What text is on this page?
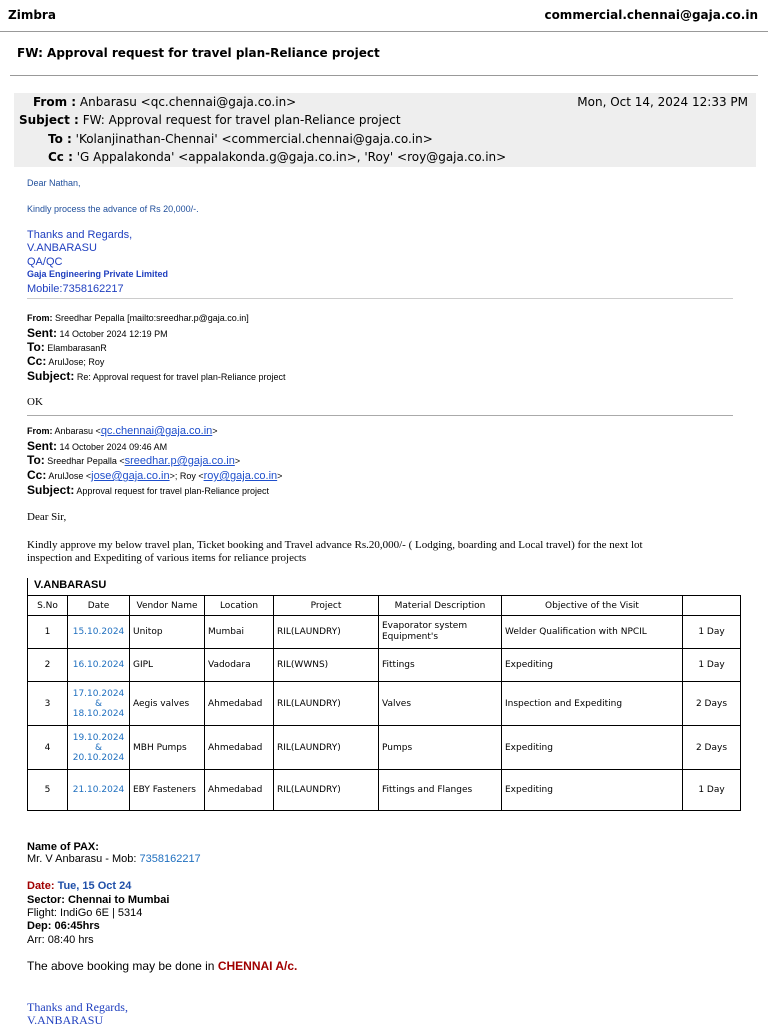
Zimbra	commercial.chennai@gaja.co.in
FW: Approval request for travel plan-Reliance project
From : Anbarasu <qc.chennai@gaja.co.in>
Subject : FW: Approval request for travel plan-Reliance project
To : 'Kolanjinathan-Chennai' <commercial.chennai@gaja.co.in>
Cc : 'G Appalakonda' <appalakonda.g@gaja.co.in>, 'Roy' <roy@gaja.co.in>
Mon, Oct 14, 2024 12:33 PM
Dear Nathan,
Kindly process the advance of Rs 20,000/-.
Thanks and Regards,
V.ANBARASU
QA/QC
Gaja Engineering Private Limited
Mobile:7358162217
From: Sreedhar Pepalla [mailto:sreedhar.p@gaja.co.in]
Sent: 14 October 2024 12:19 PM
To: ElambarasanR
Cc: ArulJose; Roy
Subject: Re: Approval request for travel plan-Reliance project
OK
From: Anbarasu <qc.chennai@gaja.co.in>
Sent: 14 October 2024 09:46 AM
To: Sreedhar Pepalla <sreedhar.p@gaja.co.in>
Cc: ArulJose <jose@gaja.co.in>; Roy <roy@gaja.co.in>
Subject: Approval request for travel plan-Reliance project
Dear Sir,
Kindly approve my below travel plan, Ticket booking and Travel advance Rs.20,000/- ( Lodging, boarding and Local travel) for the next lot
inspection and Expediting of various items for reliance projects
V.ANBARASU
S.No	Date	Vendor Name	Location	Project	Material Description	Objective of the Visit	
1	15.10.2024	Unitop	Mumbai	RIL(LAUNDRY)	Evaporator system Equipment's	Welder Qualification with NPCIL	1 Day
2	16.10.2024	GIPL	Vadodara	RIL(WWNS)	Fittings	Expediting	1 Day
3	17.10.2024
&
18.10.2024	Aegis valves	Ahmedabad	RIL(LAUNDRY)	Valves	Inspection and Expediting	2 Days
4	19.10.2024
&
20.10.2024	MBH Pumps	Ahmedabad	RIL(LAUNDRY)	Pumps	Expediting	2 Days
5	21.10.2024	EBY Fasteners	Ahmedabad	RIL(LAUNDRY)	Fittings and Flanges	Expediting	1 Day
Name of PAX:
Mr. V Anbarasu - Mob: 7358162217
Date: Tue, 15 Oct 24
Sector: Chennai to Mumbai
Flight: IndiGo 6E | 5314
Dep: 06:45hrs
Arr: 08:40 hrs
The above booking may be done in CHENNAI A/c.
Thanks and Regards,
V.ANBARASU
